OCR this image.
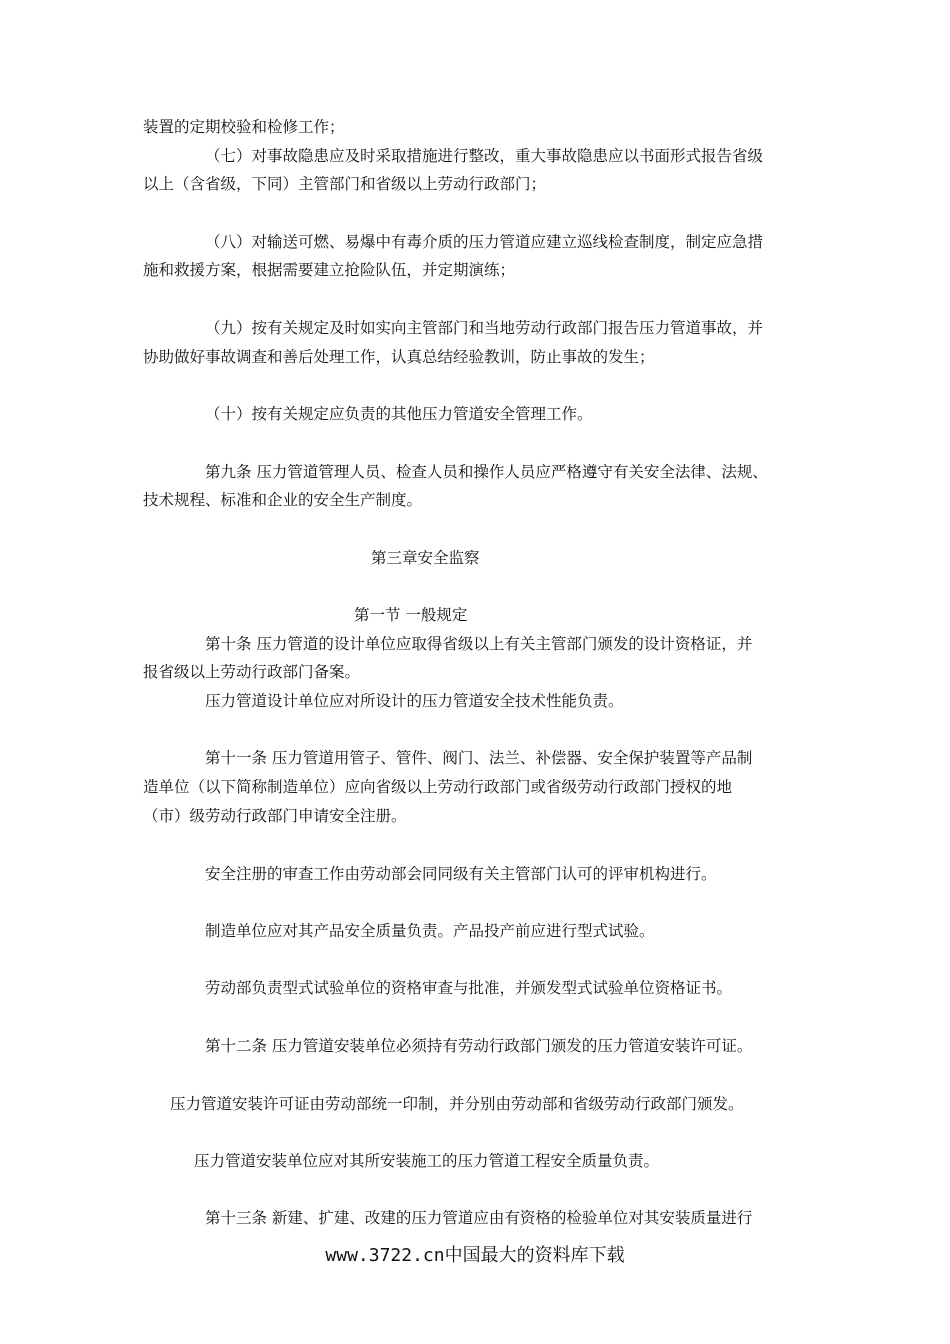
装置的定期校验和检修工作；
（七）对事故隐患应及时采取措施进行整改，重大事故隐患应以书面形式报告省级
以上（含省级，下同）主管部门和省级以上劳动行政部门；
（八）对输送可燃、易爆中有毒介质的压力管道应建立巡线检查制度，制定应急措
施和救援方案，根据需要建立抢险队伍，并定期演练；
（九）按有关规定及时如实向主管部门和当地劳动行政部门报告压力管道事故，并
协助做好事故调查和善后处理工作，认真总结经验教训，防止事故的发生；
（十）按有关规定应负责的其他压力管道安全管理工作。
第九条 压力管道管理人员、检查人员和操作人员应严格遵守有关安全法律、法规、
技术规程、标准和企业的安全生产制度。
第三章安全监察
第一节 一般规定
第十条 压力管道的设计单位应取得省级以上有关主管部门颁发的设计资格证，并
报省级以上劳动行政部门备案。
压力管道设计单位应对所设计的压力管道安全技术性能负责。
第十一条 压力管道用管子、管件、阀门、法兰、补偿器、安全保护装置等产品制
造单位（以下简称制造单位）应向省级以上劳动行政部门或省级劳动行政部门授权的地
（市）级劳动行政部门申请安全注册。
安全注册的审查工作由劳动部会同同级有关主管部门认可的评审机构进行。
制造单位应对其产品安全质量负责。产品投产前应进行型式试验。
劳动部负责型式试验单位的资格审查与批准，并颁发型式试验单位资格证书。
第十二条 压力管道安装单位必须持有劳动行政部门颁发的压力管道安装许可证。
压力管道安装许可证由劳动部统一印制，并分别由劳动部和省级劳动行政部门颁发。
压力管道安装单位应对其所安装施工的压力管道工程安全质量负责。
第十三条 新建、扩建、改建的压力管道应由有资格的检验单位对其安装质量进行
www.3722.cn中国最大的资料库下载
